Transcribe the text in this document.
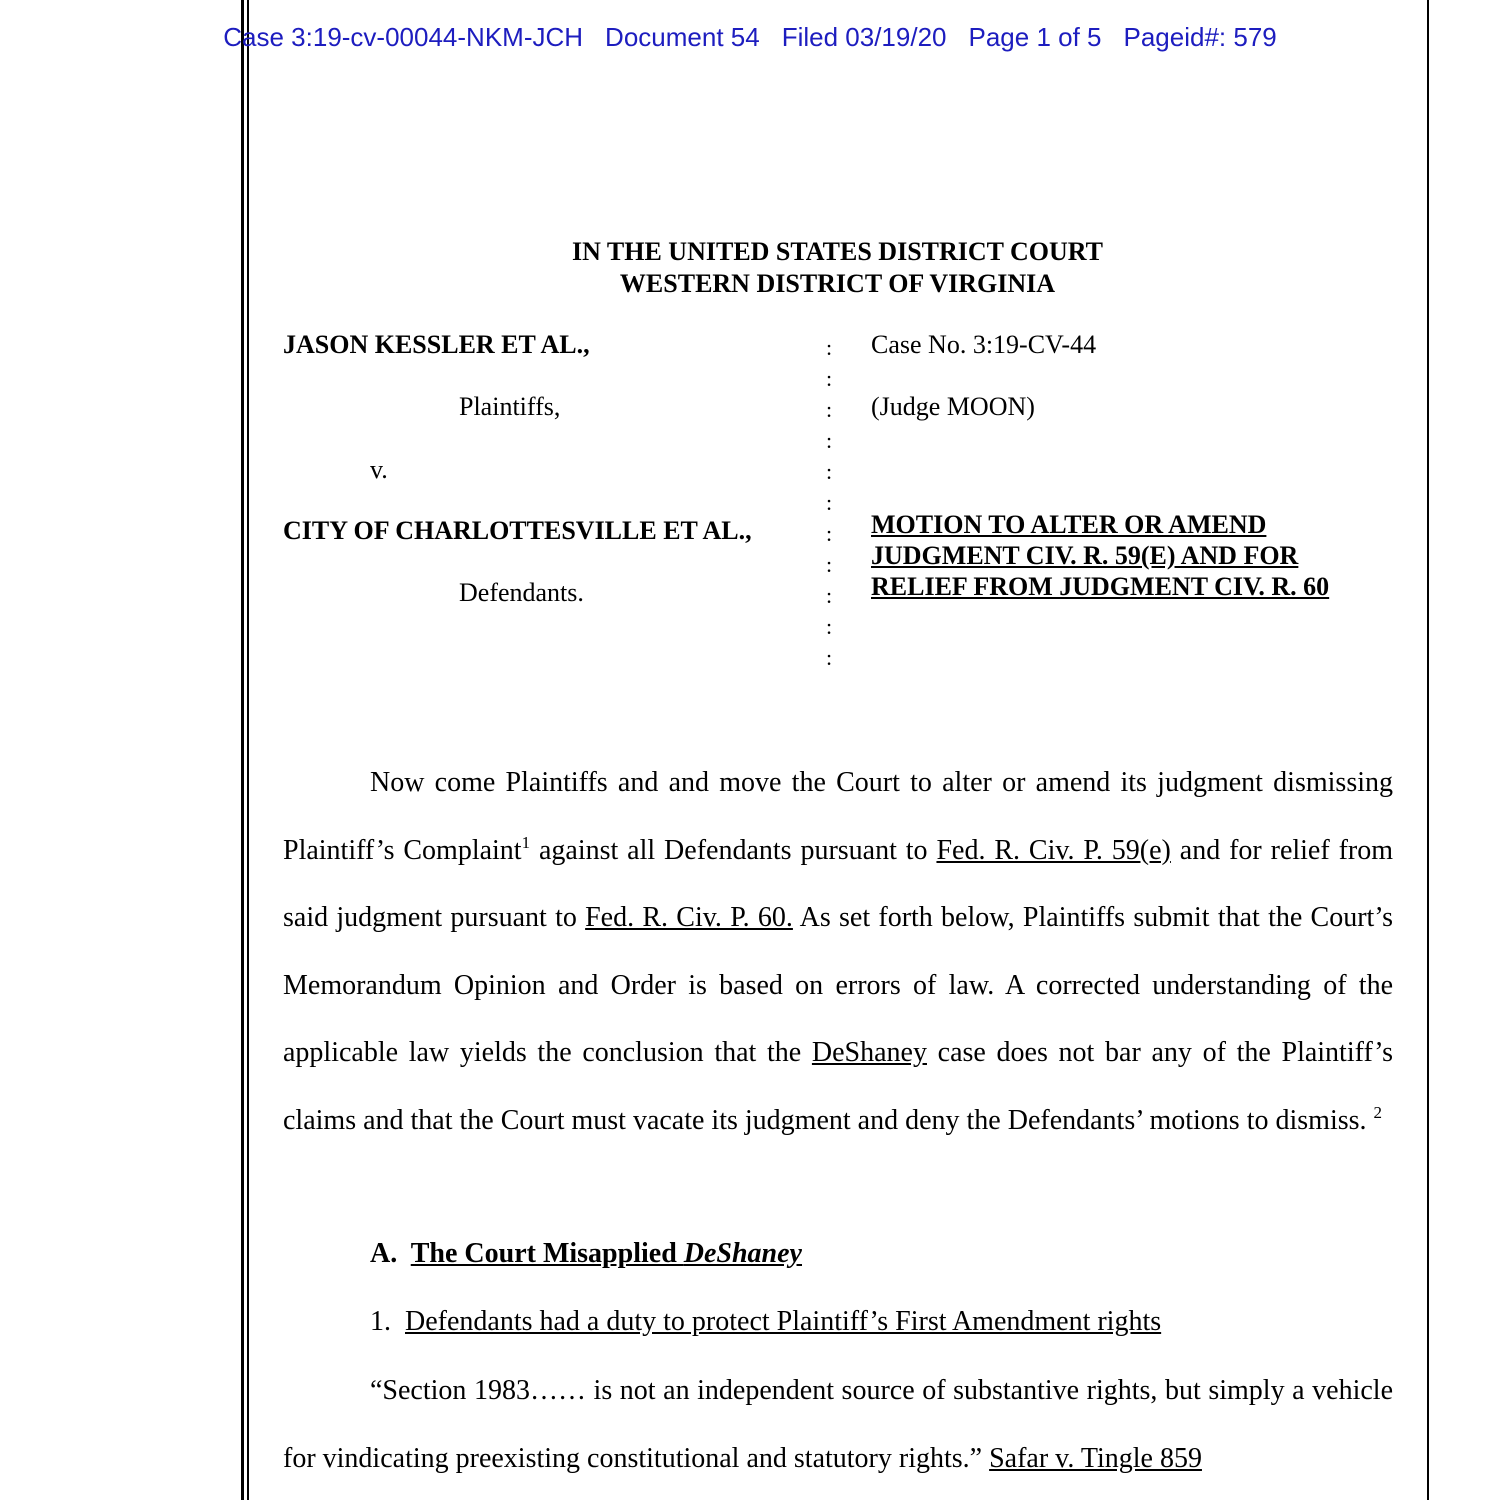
Case 3:19-cv-00044-NKM-JCH Document 54 Filed 03/19/20 Page 1 of 5 Pageid#: 579
IN THE UNITED STATES DISTRICT COURT
WESTERN DISTRICT OF VIRGINIA
JASON KESSLER ET AL.,
Plaintiffs,
v.
CITY OF CHARLOTTESVILLE ET AL.,
Defendants.
:
:
:
:
:
:
:
:
:
:
:
Case No. 3:19-CV-44
(Judge MOON)
MOTION TO ALTER OR AMEND
JUDGMENT CIV. R. 59(E) AND FOR
RELIEF FROM JUDGMENT CIV. R. 60
Now come Plaintiffs and and move the Court to alter or amend its judgment dismissing Plaintiff’s Complaint$^1$ against all Defendants pursuant to Fed. R. Civ. P. 59(e) and for relief from said judgment pursuant to Fed. R. Civ. P. 60. As set forth below, Plaintiffs submit that the Court’s Memorandum Opinion and Order is based on errors of law. A corrected understanding of the applicable law yields the conclusion that the DeShaney case does not bar any of the Plaintiff’s claims and that the Court must vacate its judgment and deny the Defendants’ motions to dismiss. $^2$
A. The Court Misapplied DeShaney
1. Defendants had a duty to protect Plaintiff’s First Amendment rights
“Section 1983…… is not an independent source of substantive rights, but simply a vehicle for vindicating preexisting constitutional and statutory rights.” Safar v. Tingle 859
